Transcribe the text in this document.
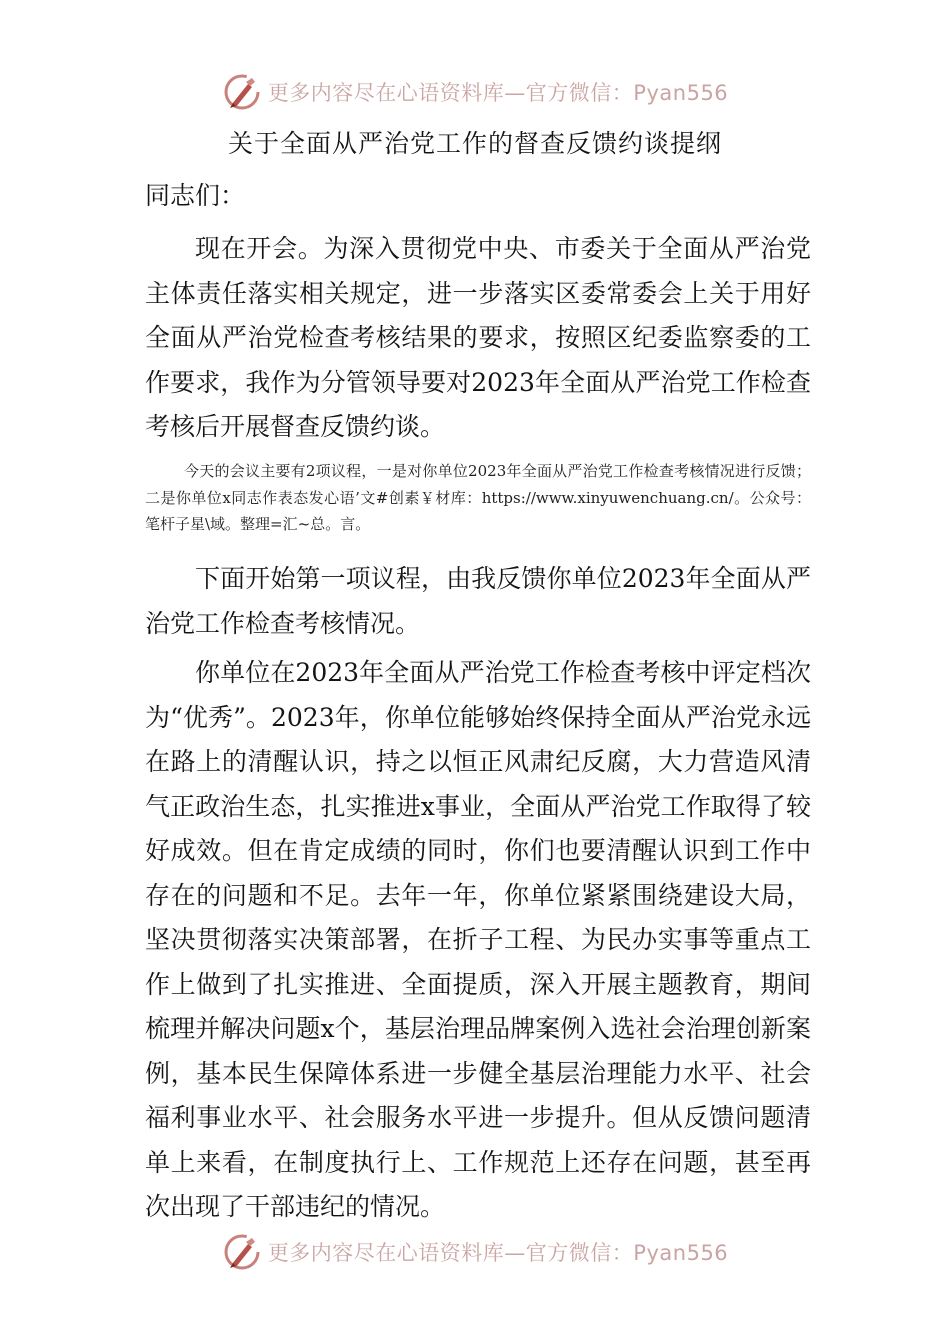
更多内容尽在心语资料库—官方微信：Pyan556
关于全面从严治党工作的督查反馈约谈提纲
同志们：

现在开会。为深入贯彻党中央、市委关于全面从严治党主体责任落实相关规定，进一步落实区委常委会上关于用好全面从严治党检查考核结果的要求，按照区纪委监察委的工作要求，我作为分管领导要对2023年全面从严治党工作检查考核后开展督查反馈约谈。

今天的会议主要有2项议程，一是对你单位2023年全面从严治党工作检查考核情况进行反馈；二是你单位x同志作表态发心语’文#创素￥材库：https://www.xinyuwenchuang.cn/。公众号：笔杆子星\域。整理=汇~总。言。

下面开始第一项议程，由我反馈你单位2023年全面从严治党工作检查考核情况。

你单位在2023年全面从严治党工作检查考核中评定档次为“优秀”。2023年，你单位能够始终保持全面从严治党永远在路上的清醒认识，持之以恒正风肃纪反腐，大力营造风清气正政治生态，扎实推进x事业，全面从严治党工作取得了较好成效。但在肯定成绩的同时，你们也要清醒认识到工作中存在的问题和不足。去年一年，你单位紧紧围绕建设大局，坚决贯彻落实决策部署，在折子工程、为民办实事等重点工作上做到了扎实推进、全面提质，深入开展主题教育，期间梳理并解决问题x个，基层治理品牌案例入选社会治理创新案例，基本民生保障体系进一步健全基层治理能力水平、社会福利事业水平、社会服务水平进一步提升。但从反馈问题清单上来看，在制度执行上、工作规范上还存在问题，甚至再次出现了干部违纪的情况。

更多内容尽在心语资料库—官方微信：Pyan556
